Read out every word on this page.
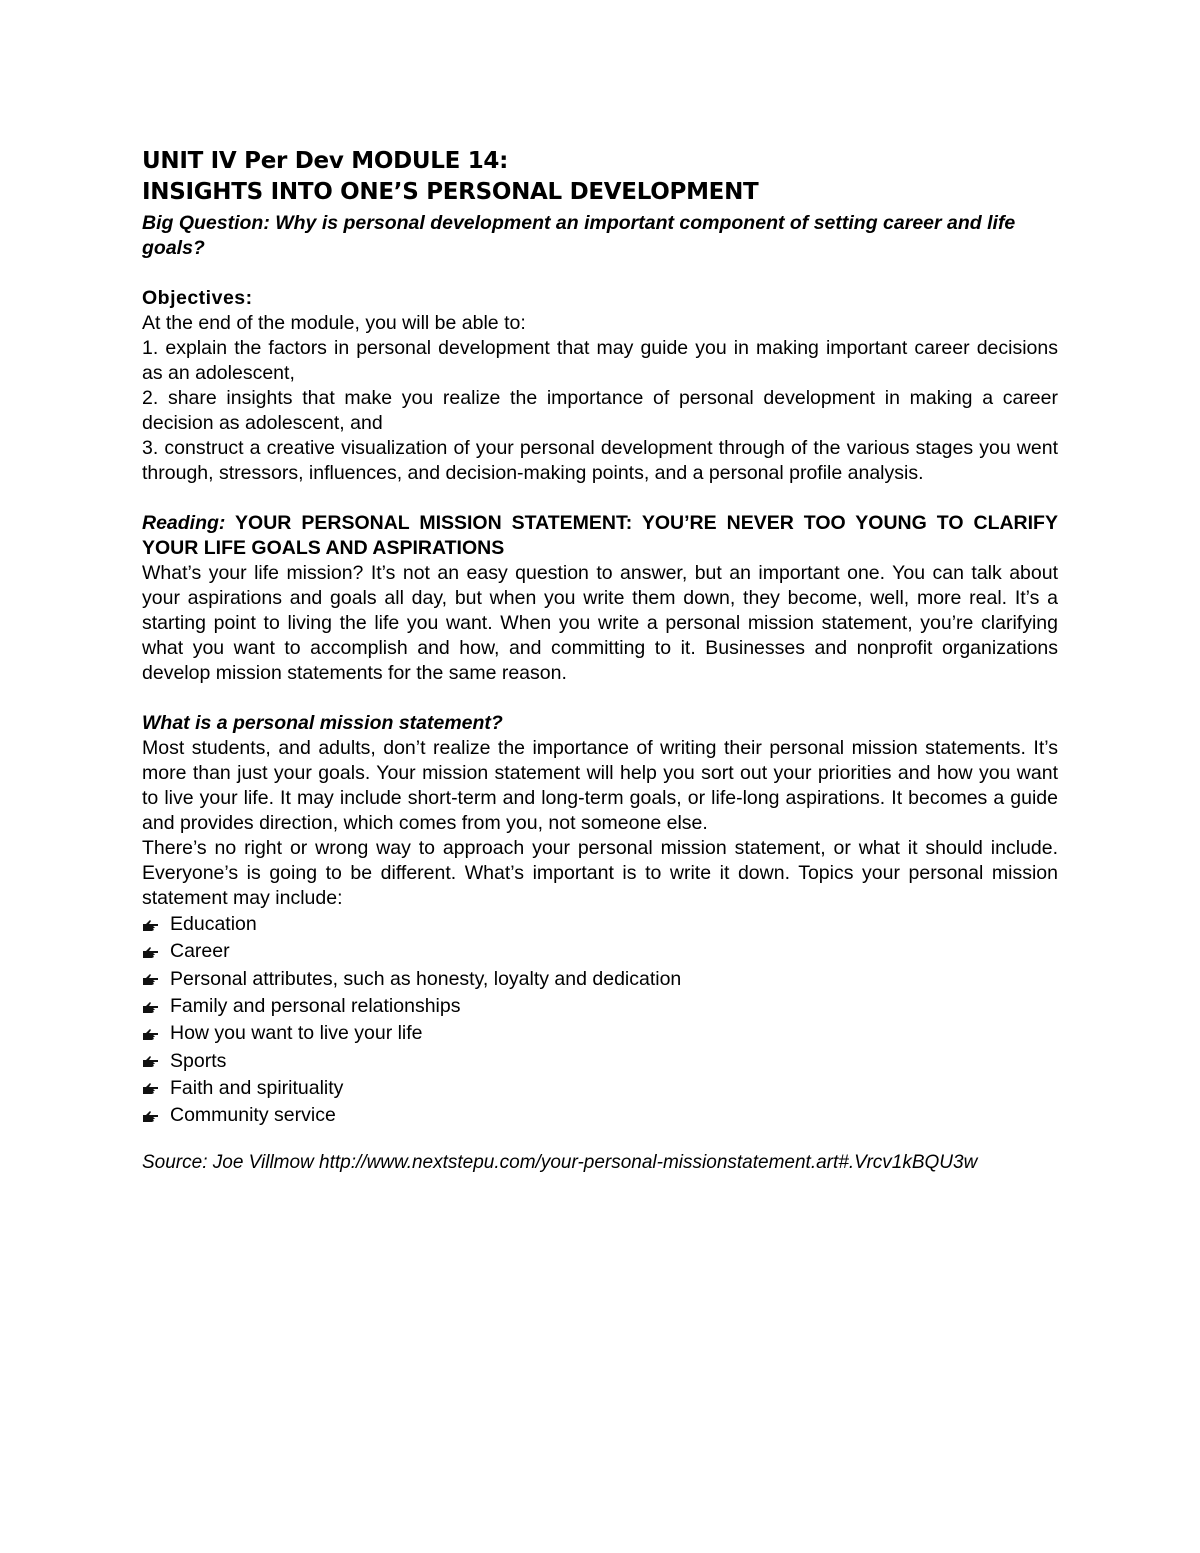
UNIT IV Per Dev MODULE 14:
INSIGHTS INTO ONE’S PERSONAL DEVELOPMENT

Big Question: Why is personal development an important component of setting career and life goals?

Objectives:

At the end of the module, you will be able to:

1. explain the factors in personal development that may guide you in making important career decisions as an adolescent,

2. share insights that make you realize the importance of personal development in making a career decision as adolescent, and

3. construct a creative visualization of your personal development through of the various stages you went through, stressors, influences, and decision-making points, and a personal profile analysis.

Reading: YOUR PERSONAL MISSION STATEMENT: YOU’RE NEVER TOO YOUNG TO CLARIFY YOUR LIFE GOALS AND ASPIRATIONS

What’s your life mission? It’s not an easy question to answer, but an important one. You can talk about your aspirations and goals all day, but when you write them down, they become, well, more real. It’s a starting point to living the life you want. When you write a personal mission statement, you’re clarifying what you want to accomplish and how, and committing to it. Businesses and nonprofit organizations develop mission statements for the same reason.

What is a personal mission statement?

Most students, and adults, don’t realize the importance of writing their personal mission statements. It’s more than just your goals. Your mission statement will help you sort out your priorities and how you want to live your life. It may include short-term and long-term goals, or life-long aspirations. It becomes a guide and provides direction, which comes from you, not someone else.

There’s no right or wrong way to approach your personal mission statement, or what it should include. Everyone’s is going to be different. What’s important is to write it down. Topics your personal mission statement may include:

Education
Career
Personal attributes, such as honesty, loyalty and dedication
Family and personal relationships
How you want to live your life
Sports
Faith and spirituality
Community service

Source: Joe Villmow http://www.nextstepu.com/your-personal-missionstatement.art#.Vrcv1kBQU3w
